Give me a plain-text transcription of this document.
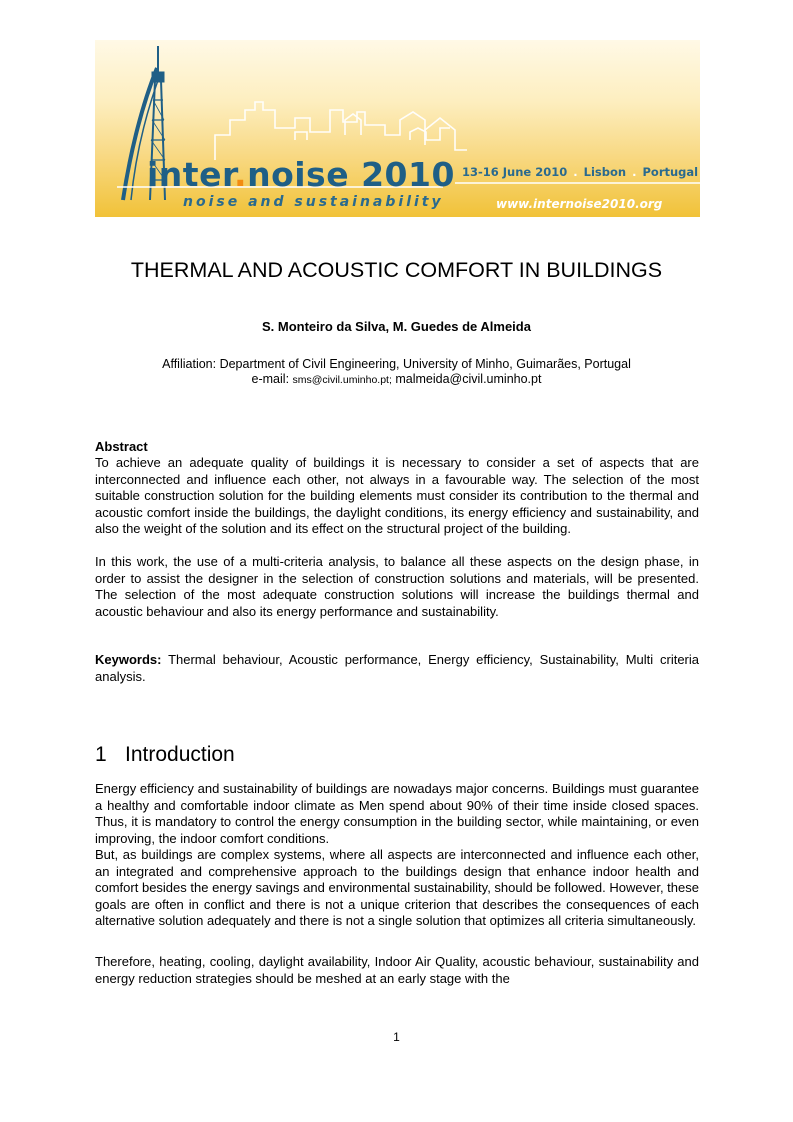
inter.noise 2010
noise and sustainability
13-16 June 2010 . Lisbon . Portugal
www.internoise2010.org
THERMAL AND ACOUSTIC COMFORT IN BUILDINGS
S. Monteiro da Silva, M. Guedes de Almeida
Affiliation: Department of Civil Engineering, University of Minho, Guimarães, Portugal
e-mail: sms@civil.uminho.pt; malmeida@civil.uminho.pt
Abstract

To achieve an adequate quality of buildings it is necessary to consider a set of aspects that are interconnected and influence each other, not always in a favourable way. The selection of the most suitable construction solution for the building elements must consider its contribution to the thermal and acoustic comfort inside the buildings, the daylight conditions, its energy efficiency and sustainability, and also the weight of the solution and its effect on the structural project of the building.

In this work, the use of a multi-criteria analysis, to balance all these aspects on the design phase, in order to assist the designer in the selection of construction solutions and materials, will be presented. The selection of the most adequate construction solutions will increase the buildings thermal and acoustic behaviour and also its energy performance and sustainability.

Keywords: Thermal behaviour, Acoustic performance, Energy efficiency, Sustainability, Multi criteria analysis.

1 Introduction

Energy efficiency and sustainability of buildings are nowadays major concerns. Buildings must guarantee a healthy and comfortable indoor climate as Men spend about 90% of their time inside closed spaces. Thus, it is mandatory to control the energy consumption in the building sector, while maintaining, or even improving, the indoor comfort conditions.

But, as buildings are complex systems, where all aspects are interconnected and influence each other, an integrated and comprehensive approach to the buildings design that enhance indoor health and comfort besides the energy savings and environmental sustainability, should be followed. However, these goals are often in conflict and there is not a unique criterion that describes the consequences of each alternative solution adequately and there is not a single solution that optimizes all criteria simultaneously.

Therefore, heating, cooling, daylight availability, Indoor Air Quality, acoustic behaviour, sustainability and energy reduction strategies should be meshed at an early stage with the

1
